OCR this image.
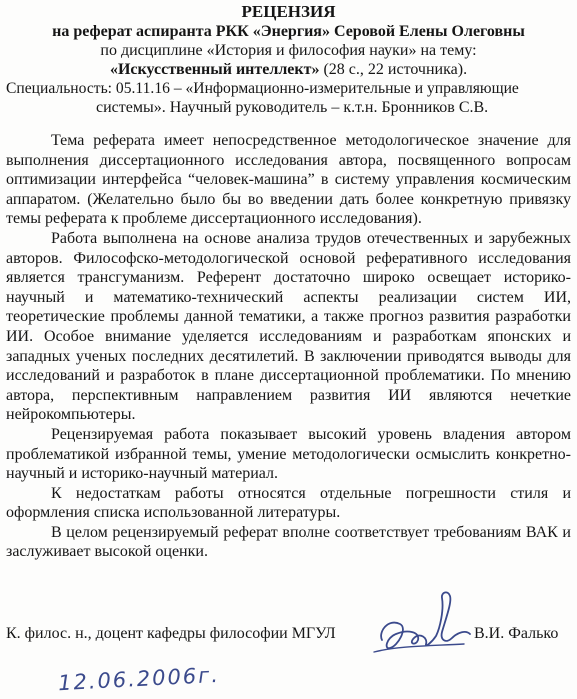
РЕЦЕНЗИЯ
на реферат аспиранта РКК «Энергия» Серовой Елены Олеговны
по дисциплине «История и философия науки» на тему:
«Искусственный интеллект» (28 с., 22 источника).
Специальность: 05.11.16 – «Информационно-измерительные и управляющие
системы». Научный руководитель – к.т.н. Бронников С.В.

Тема реферата имеет непосредственное методологическое значение для выполнения диссертационного исследования автора, посвященного вопросам оптимизации интерфейса “человек-машина” в систему управления космическим аппаратом. (Желательно было бы во введении дать более конкретную привязку темы реферата к проблеме диссертационного исследования).

Работа выполнена на основе анализа трудов отечественных и зарубежных авторов. Философско-методологической основой реферативного исследования является трансгуманизм. Референт достаточно широко освещает историко-научный и математико-технический аспекты реализации систем ИИ, теоретические проблемы данной тематики, а также прогноз развития разработки ИИ. Особое внимание уделяется исследованиям и разработкам японских и западных ученых последних десятилетий. В заключении приводятся выводы для исследований и разработок в плане диссертационной проблематики. По мнению автора, перспективным направлением развития ИИ являются нечеткие нейрокомпьютеры.

Рецензируемая работа показывает высокий уровень владения автором проблематикой избранной темы, умение методологически осмыслить конкретно-научный и историко-научный материал.

К недостаткам работы относятся отдельные погрешности стиля и оформления списка использованной литературы.

В целом рецензируемый реферат вполне соответствует требованиям ВАК и заслуживает высокой оценки.

К. филос. н., доцент кафедры философии МГУЛ	В.И. Фалько
12.06.2006г.
